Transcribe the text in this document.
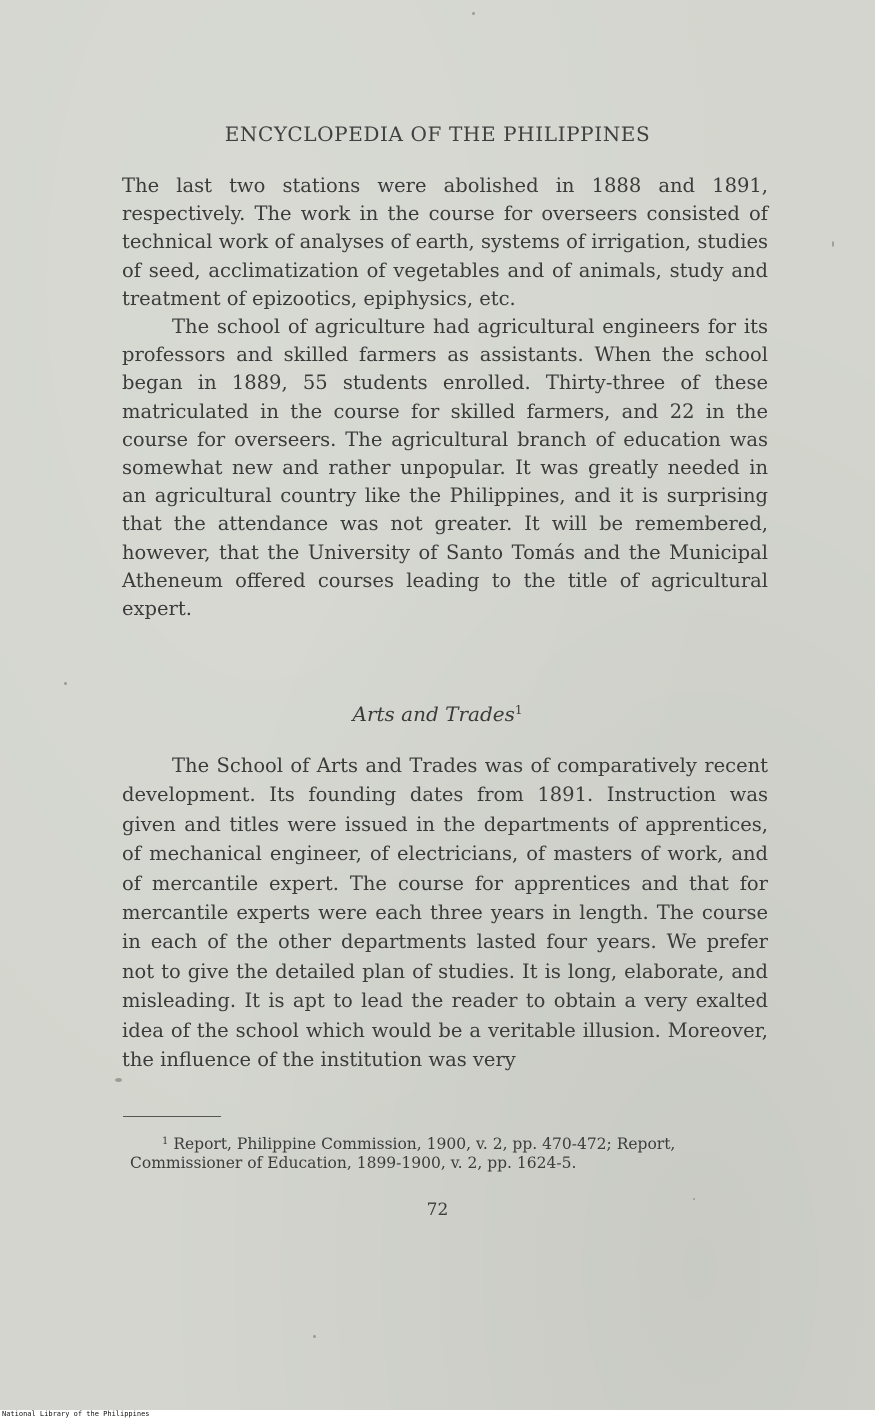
ENCYCLOPEDIA OF THE PHILIPPINES

The last two stations were abolished in 1888 and 1891, respectively. The work in the course for overseers consisted of technical work of analyses of earth, systems of irrigation, studies of seed, acclimatization of vegetables and of animals, study and treatment of epizootics, epiphysics, etc.

The school of agriculture had agricultural engineers for its professors and skilled farmers as assistants. When the school began in 1889, 55 students enrolled. Thirty-three of these matriculated in the course for skilled farmers, and 22 in the course for overseers. The agricultural branch of education was somewhat new and rather unpopular. It was greatly needed in an agricultural country like the Philippines, and it is surprising that the attendance was not greater. It will be remembered, however, that the University of Santo Tomás and the Municipal Atheneum offered courses leading to the title of agricultural expert.

Arts and Trades$^1$

The School of Arts and Trades was of comparatively recent development. Its founding dates from 1891. Instruction was given and titles were issued in the departments of apprentices, of mechanical engineer, of electricians, of masters of work, and of mercantile expert. The course for apprentices and that for mercantile experts were each three years in length. The course in each of the other departments lasted four years. We prefer not to give the detailed plan of studies. It is long, elaborate, and misleading. It is apt to lead the reader to obtain a very exalted idea of the school which would be a veritable illusion. Moreover, the influence of the institution was very

$^1$ Report, Philippine Commission, 1900, v. 2, pp. 470-472; Report,

Commissioner of Education, 1899-1900, v. 2, pp. 1624-5.

72
National Library of the Philippines
